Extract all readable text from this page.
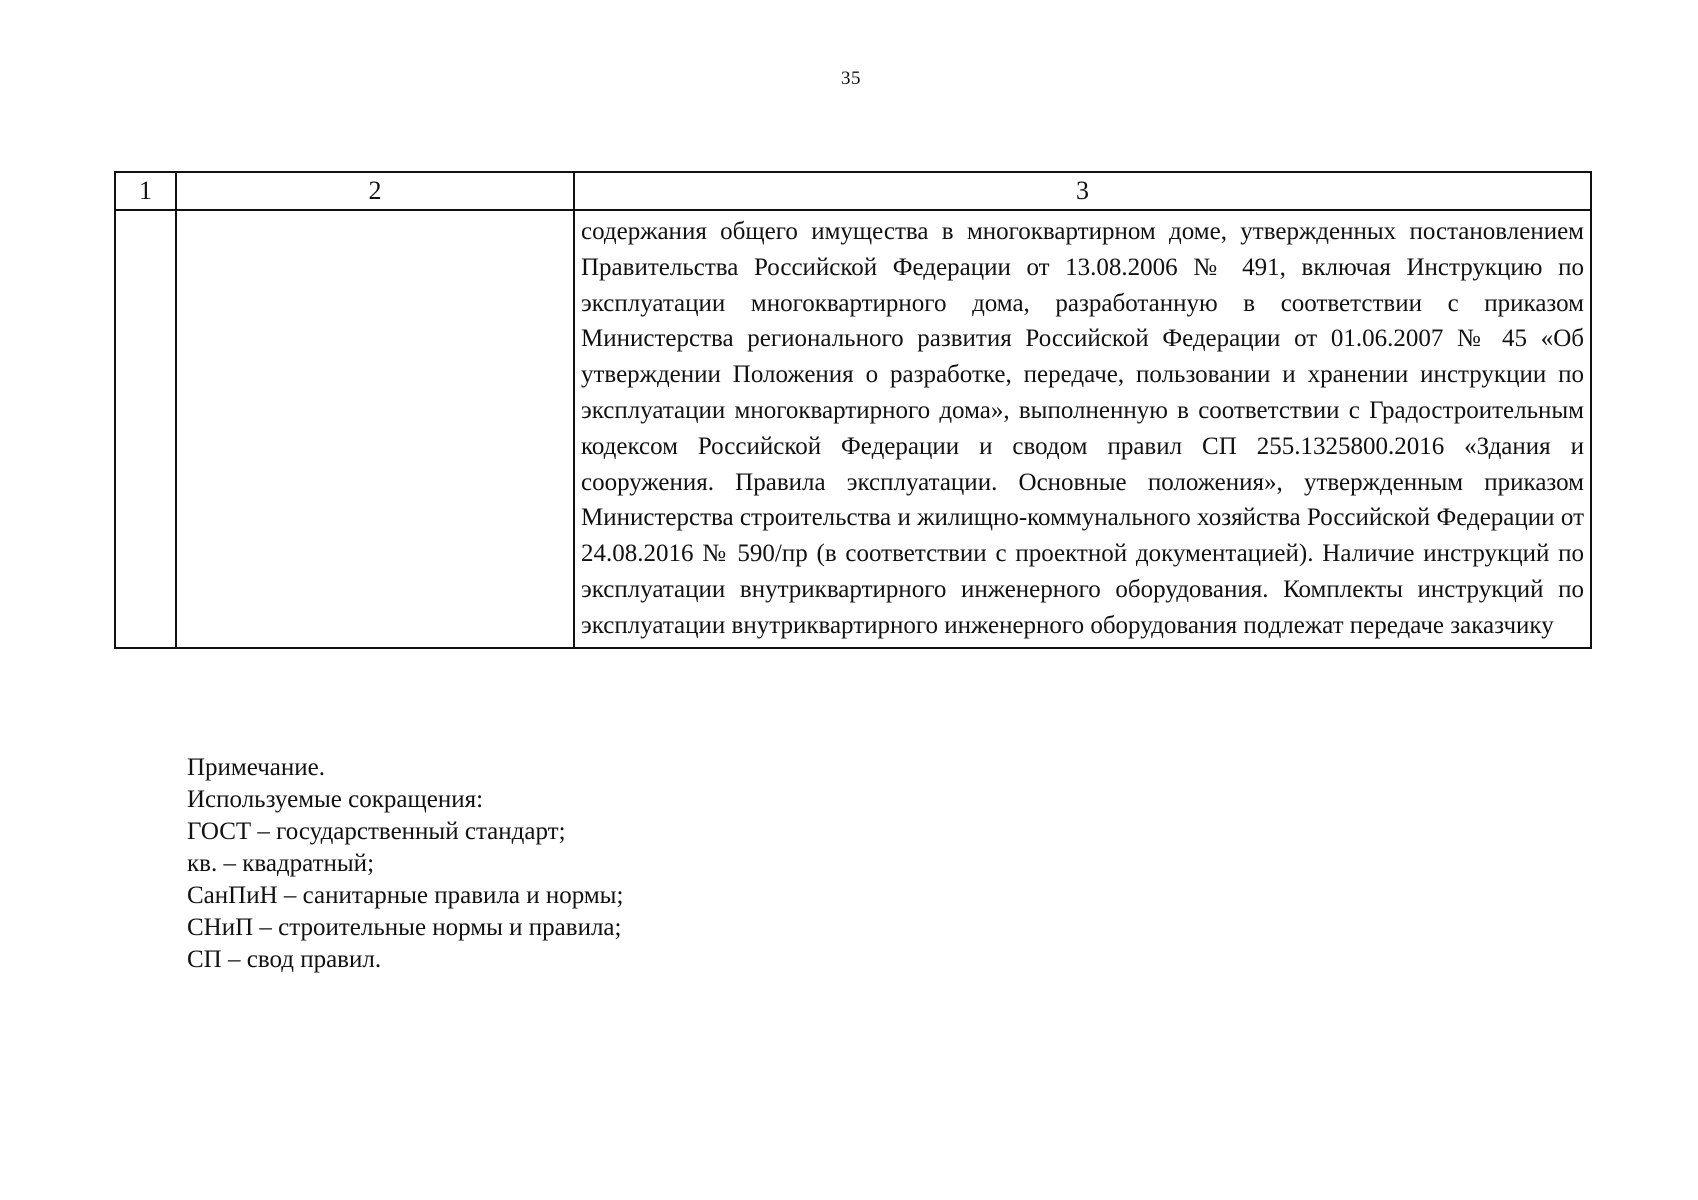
35
1	2	3
		содержания общего имущества в многоквартирном доме, утвержденных постановлением Правительства Российской Федерации от 13.08.2006 № 491, включая Инструкцию по эксплуатации многоквартирного дома, разработанную в соответствии с приказом Министерства регионального развития Российской Федерации от 01.06.2007 № 45 «Об утверждении Положения о разработке, передаче, пользовании и хранении инструкции по эксплуатации многоквартирного дома», выполненную в соответствии с Градостроительным кодексом Российской Федерации и сводом правил СП 255.1325800.2016 «Здания и сооружения. Правила эксплуатации. Основные положения», утвержденным приказом Министерства строительства и жилищно-коммунального хозяйства Российской Федерации от 24.08.2016 № 590/пр (в соответствии с проектной документацией). Наличие инструкций по эксплуатации внутриквартирного инженерного оборудования. Комплекты инструкций по эксплуатации внутриквартирного инженерного оборудования подлежат передаче заказчику
Примечание.
Используемые сокращения:
ГОСТ – государственный стандарт;
кв. – квадратный;
СанПиН – санитарные правила и нормы;
СНиП – строительные нормы и правила;
СП – свод правил.
